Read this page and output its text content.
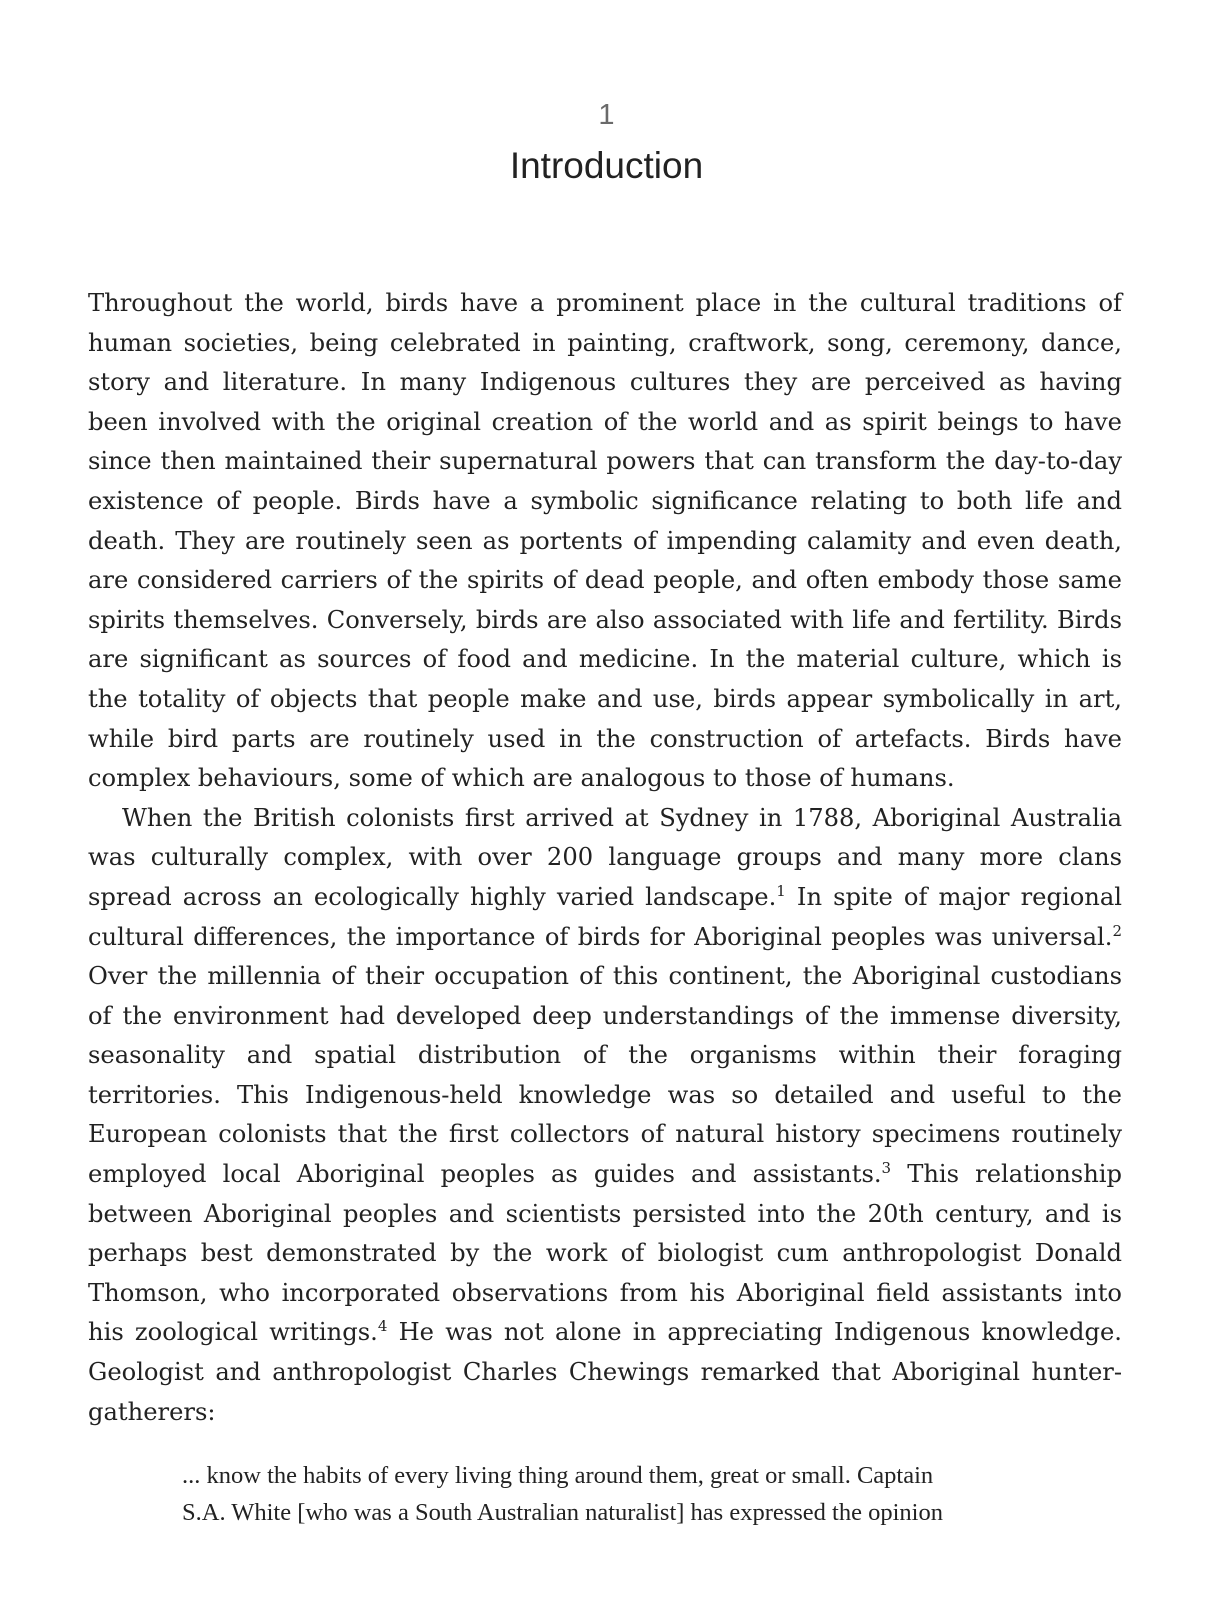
1
Introduction

Throughout the world, birds have a prominent place in the cultural traditions of human societies, being celebrated in painting, craftwork, song, ceremony, dance, story and literature. In many Indigenous cultures they are perceived as having been involved with the original creation of the world and as spirit beings to have since then maintained their supernatural powers that can transform the day-to-day existence of people. Birds have a symbolic significance relating to both life and death. They are routinely seen as portents of impending calamity and even death, are considered carriers of the spirits of dead people, and often embody those same spirits themselves. Conversely, birds are also associated with life and fertility. Birds are significant as sources of food and medicine. In the material culture, which is the totality of objects that people make and use, birds appear symbolically in art, while bird parts are routinely used in the construction of artefacts. Birds have complex behaviours, some of which are analogous to those of humans.

When the British colonists first arrived at Sydney in 1788, Aboriginal Australia was culturally complex, with over 200 language groups and many more clans spread across an ecologically highly varied landscape.$^1$ In spite of major regional cultural differences, the importance of birds for Aboriginal peoples was universal.$^2$ Over the millennia of their occupation of this continent, the Aboriginal custodians of the environment had developed deep understandings of the immense diversity, seasonality and spatial distribution of the organisms within their foraging territories. This Indigenous-held knowledge was so detailed and useful to the European colonists that the first collectors of natural history specimens routinely employed local Aboriginal peoples as guides and assistants.$^3$ This relationship between Aboriginal peoples and scientists persisted into the 20th century, and is perhaps best demonstrated by the work of biologist cum anthropologist Donald Thomson, who incorporated observations from his Aboriginal field assistants into his zoological writings.$^4$ He was not alone in appreciating Indigenous knowledge. Geologist and anthropologist Charles Chewings remarked that Aboriginal hunter-gatherers:

... know the habits of every living thing around them, great or small. Captain
S.A. White [who was a South Australian naturalist] has expressed the opinion
